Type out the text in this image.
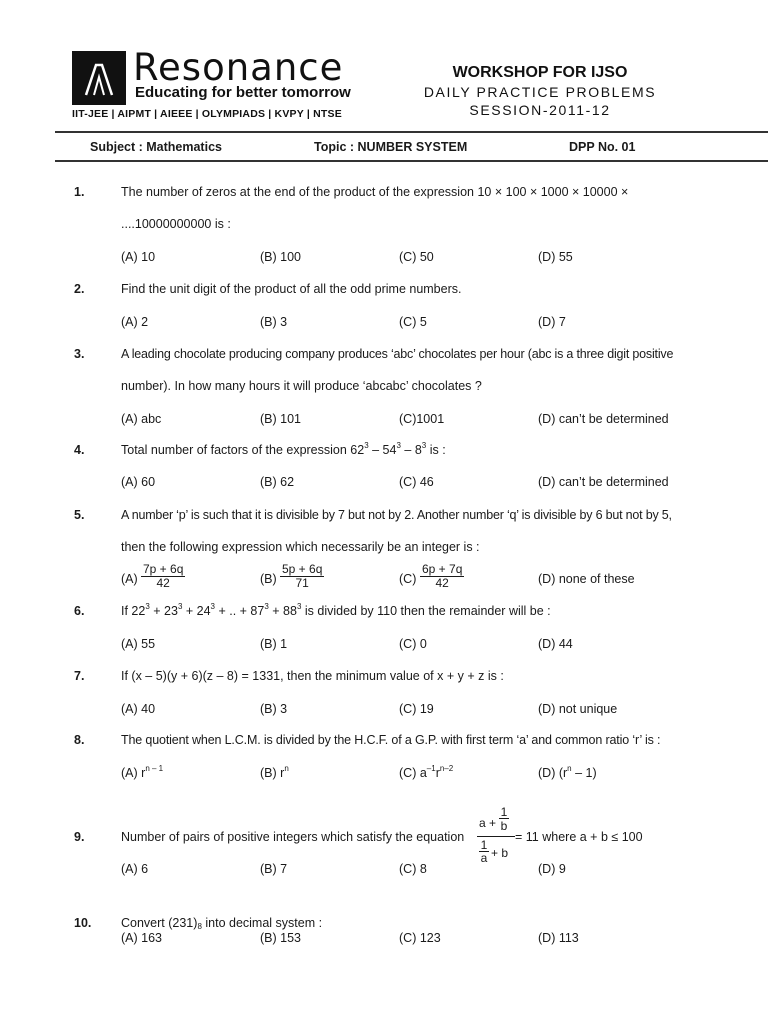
Resonance
Educating for better tomorrow
IIT-JEE | AIPMT | AIEEE | OLYMPIADS | KVPY | NTSE
WORKSHOP FOR IJSO
DAILY PRACTICE PROBLEMS
SESSION-2011-12
Subject : Mathematics	Topic : NUMBER SYSTEM	DPP No. 01
1.	The number of zeros at the end of the product of the expression 10 × 100 × 1000 × 10000 ×
....10000000000 is :
(A) 10	(B) 100	(C) 50	(D) 55
2.	Find the unit digit of the product of all the odd prime numbers.
(A) 2	(B) 3	(C) 5	(D) 7
3.	A leading chocolate producing company produces ‘abc’ chocolates per hour (abc is a three digit positive
number). In how many hours it will produce ‘abcabc’ chocolates ?
(A) abc	(B) 101	(C)1001	(D) can’t be determined
4.	Total number of factors of the expression $62^3 - 54^3 - 8^3$ is :
(A) 60	(B) 62	(C) 46	(D) can’t be determined
5.	A number ‘p’ is such that it is divisible by 7 but not by 2. Another number ‘q’ is divisible by 6 but not by 5,
then the following expression which necessarily be an integer is :
$(A) \frac{7p + 6q}{42}$	$(B) \frac{5p + 6q}{71}$	$(C) \frac{6p + 7q}{42}$	(D) none of these
6.	If $22^3 + 23^3 + 24^3$ + .. + $87^3 + 88^3$ is divided by 110 then the remainder will be :
(A) 55	(B) 1	(C) 0	(D) 44
7.	If (x – 5)(y + 6)(z – 8) = 1331, then the minimum value of x + y + z is :
(A) 40	(B) 3	(C) 19	(D) not unique
8.	The quotient when L.C.M. is divided by the H.C.F. of a G.P. with first term ‘a’ and common ratio ‘r’ is :
(A) $r^{n - 1}$	(B) $r^n$	(C) $a^{-1}r^{n-2}$	(D) $(r^n - 1)$
9.	Number of pairs of positive integers which satisfy the equation
a +
1
b
1
a + b
= 11 where a + b ≤ 100
(A) 6	(B) 7	(C) 8	(D) 9
10. Convert $(231)_8$ into decimal system :
(A) 163	(B) 153	(C) 123	(D) 113
